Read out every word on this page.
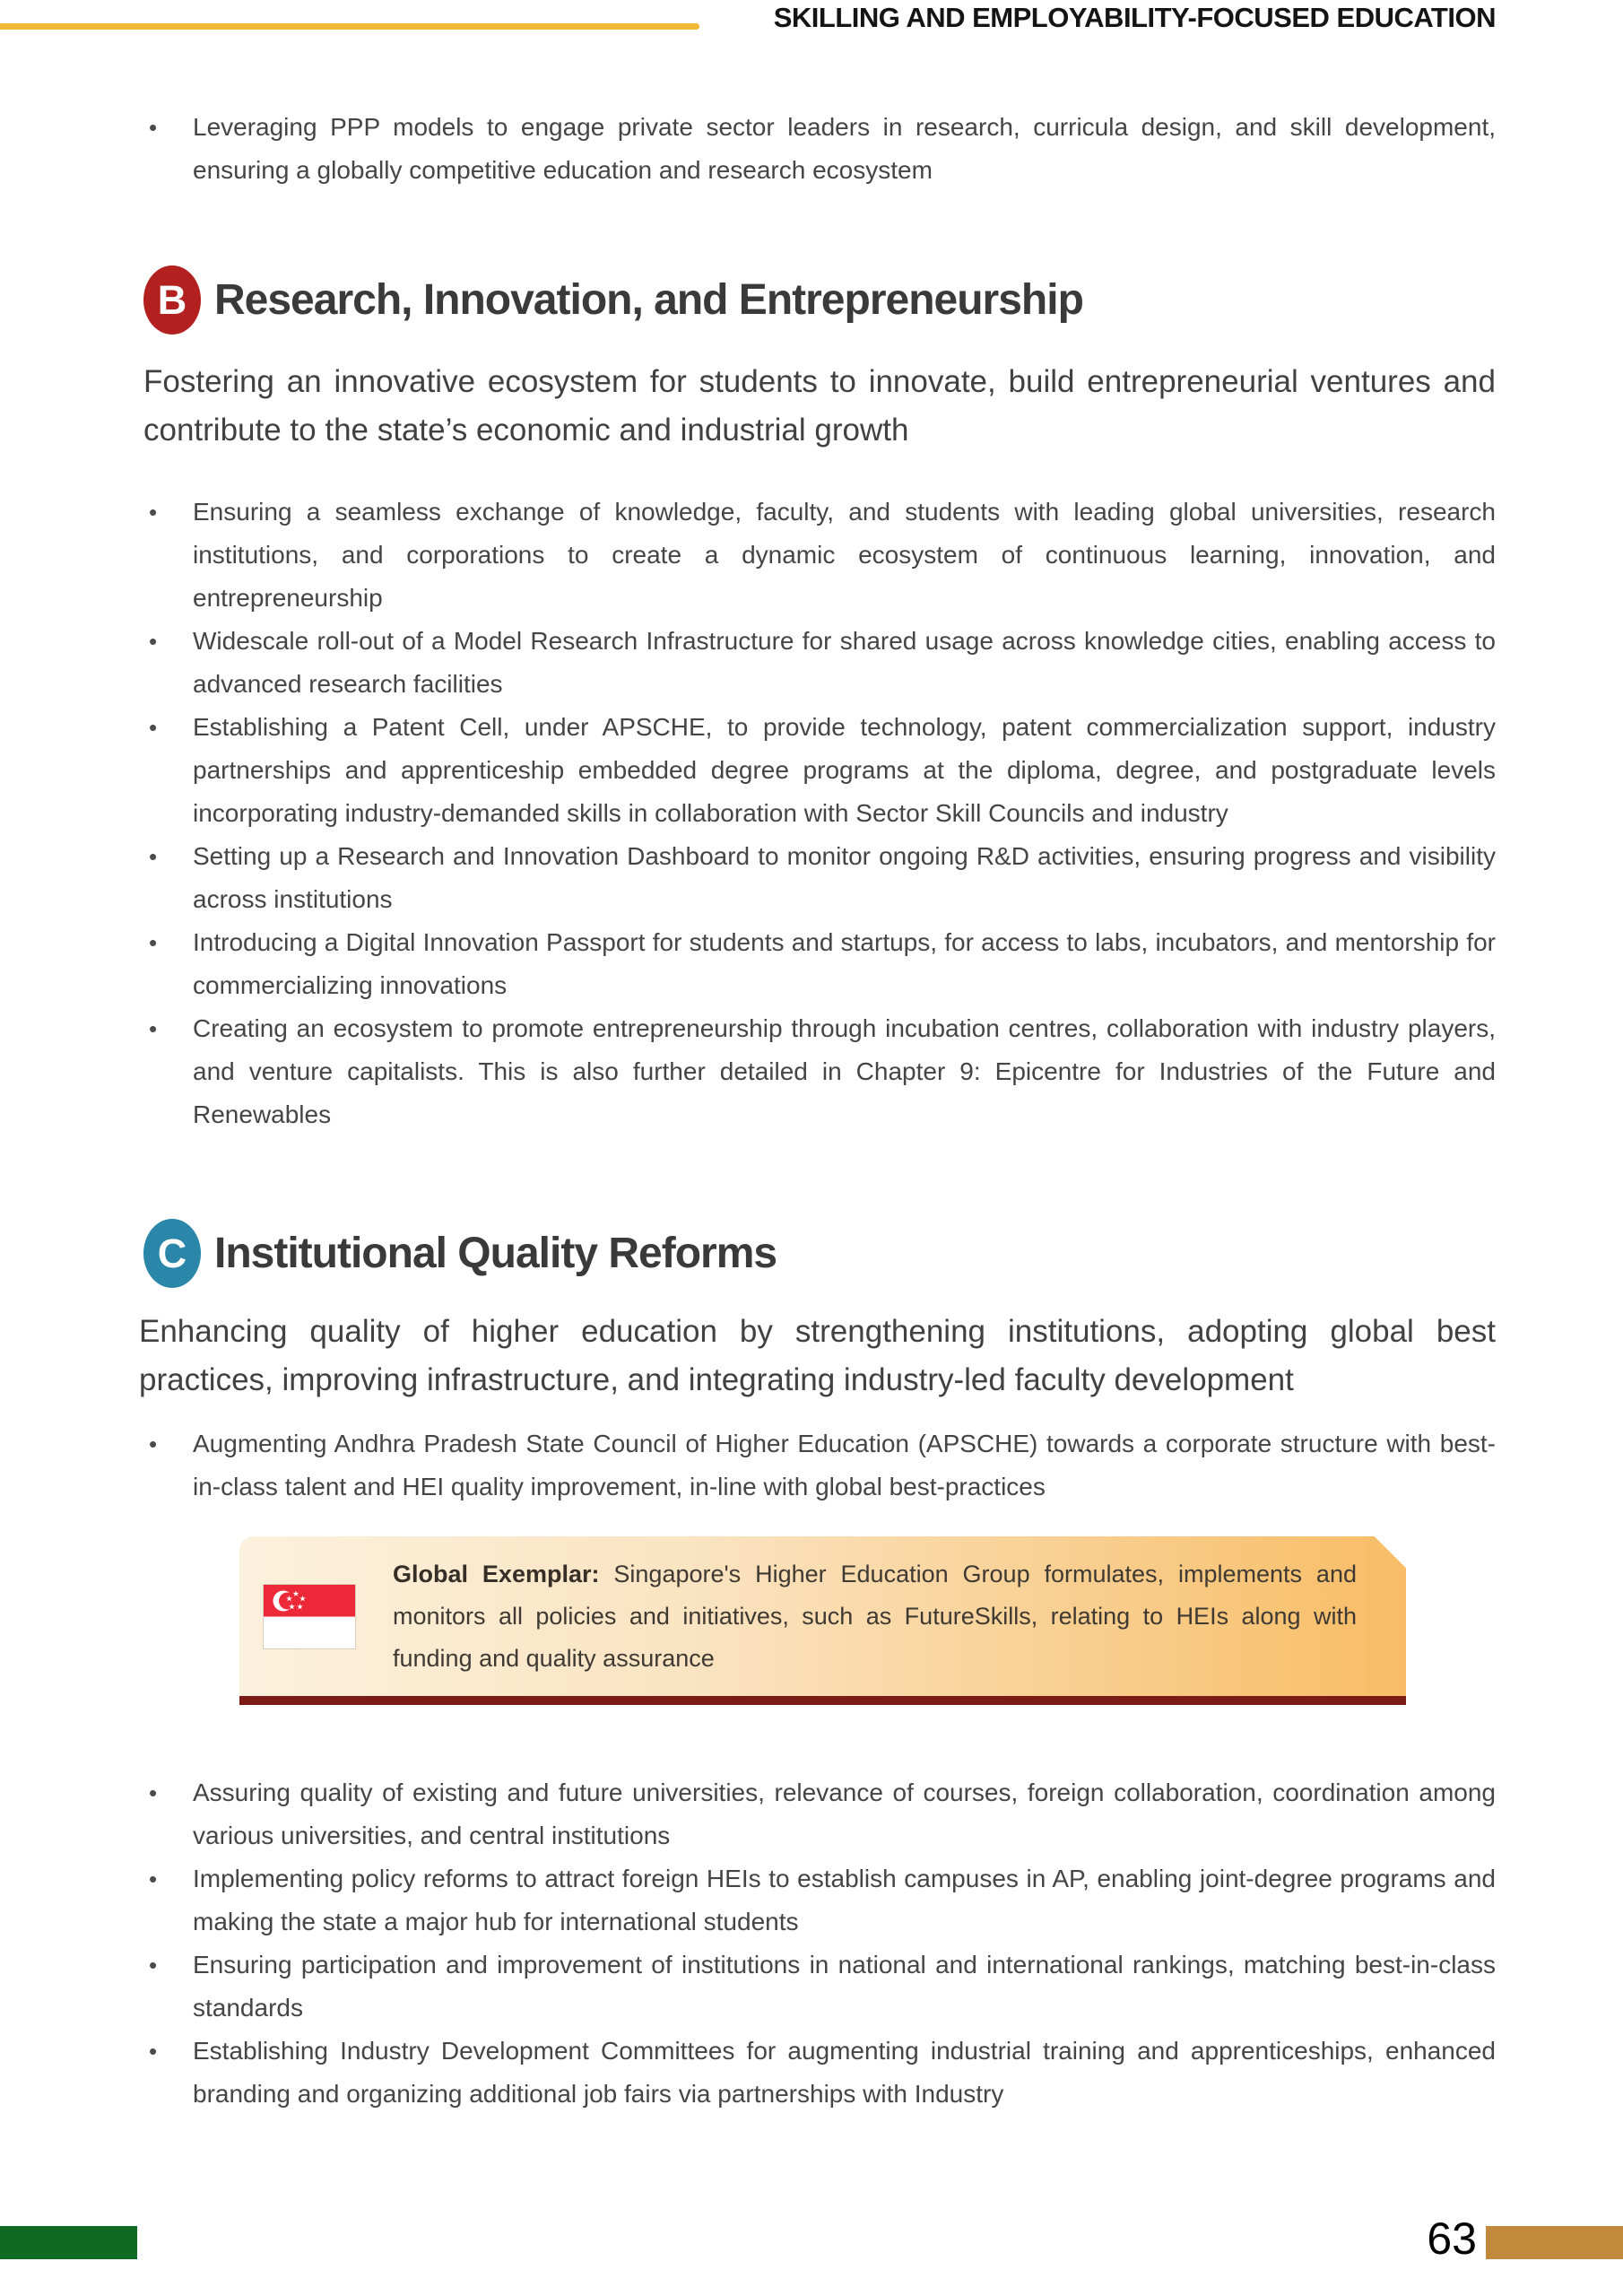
SKILLING AND EMPLOYABILITY-FOCUSED EDUCATION
• Leveraging PPP models to engage private sector leaders in research, curricula design, and skill development, ensuring a globally competitive education and research ecosystem
B Research, Innovation, and Entrepreneurship
Fostering an innovative ecosystem for students to innovate, build entrepreneurial ventures and contribute to the state’s economic and industrial growth
• Ensuring a seamless exchange of knowledge, faculty, and students with leading global universities, research institutions, and corporations to create a dynamic ecosystem of continuous learning, innovation, and entrepreneurship
• Widescale roll-out of a Model Research Infrastructure for shared usage across knowledge cities, enabling access to advanced research facilities
• Establishing a Patent Cell, under APSCHE, to provide technology, patent commercialization support, industry partnerships and apprenticeship embedded degree programs at the diploma, degree, and postgraduate levels incorporating industry-demanded skills in collaboration with Sector Skill Councils and industry
• Setting up a Research and Innovation Dashboard to monitor ongoing R&D activities, ensuring progress and visibility across institutions
• Introducing a Digital Innovation Passport for students and startups, for access to labs, incubators, and mentorship for commercializing innovations
• Creating an ecosystem to promote entrepreneurship through incubation centres, collaboration with industry players, and venture capitalists. This is also further detailed in Chapter 9: Epicentre for Industries of the Future and Renewables
C Institutional Quality Reforms
Enhancing quality of higher education by strengthening institutions, adopting global best practices, improving infrastructure, and integrating industry-led faculty development
• Augmenting Andhra Pradesh State Council of Higher Education (APSCHE) towards a corporate structure with best-in-class talent and HEI quality improvement, in-line with global best-practices
Global Exemplar: Singapore's Higher Education Group formulates, implements and monitors all policies and initiatives, such as FutureSkills, relating to HEIs along with funding and quality assurance
• Assuring quality of existing and future universities, relevance of courses, foreign collaboration, coordination among various universities, and central institutions
• Implementing policy reforms to attract foreign HEIs to establish campuses in AP, enabling joint-degree programs and making the state a major hub for international students
• Ensuring participation and improvement of institutions in national and international rankings, matching best-in-class standards
• Establishing Industry Development Committees for augmenting industrial training and apprenticeships, enhanced branding and organizing additional job fairs via partnerships with Industry
63
